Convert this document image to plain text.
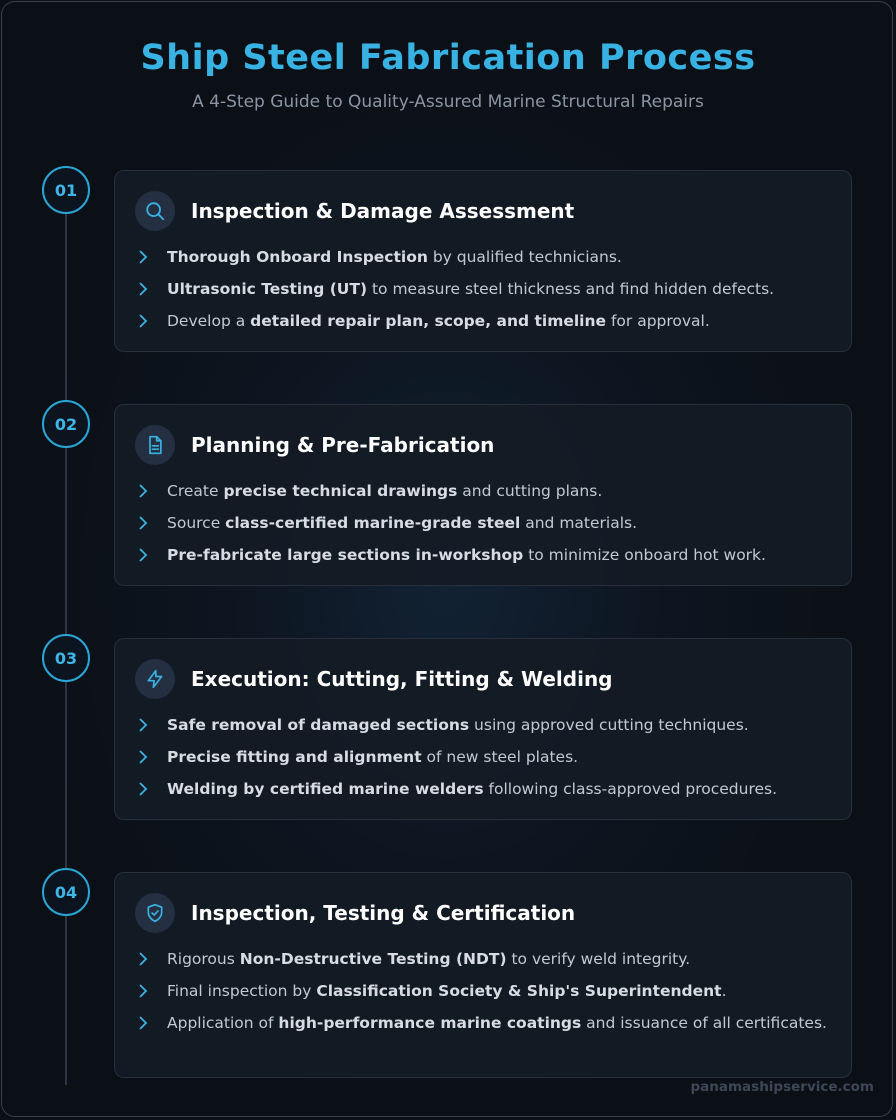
Ship Steel Fabrication Process
A 4-Step Guide to Quality-Assured Marine Structural Repairs
01
Inspection & Damage Assessment
Thorough Onboard Inspection by qualified technicians.
Ultrasonic Testing (UT) to measure steel thickness and find hidden defects.
Develop a detailed repair plan, scope, and timeline for approval.
02
Planning & Pre-Fabrication
Create precise technical drawings and cutting plans.
Source class-certified marine-grade steel and materials.
Pre-fabricate large sections in-workshop to minimize onboard hot work.
03
Execution: Cutting, Fitting & Welding
Safe removal of damaged sections using approved cutting techniques.
Precise fitting and alignment of new steel plates.
Welding by certified marine welders following class-approved procedures.
04
Inspection, Testing & Certification
Rigorous Non-Destructive Testing (NDT) to verify weld integrity.
Final inspection by Classification Society & Ship's Superintendent.
Application of high-performance marine coatings and issuance of all certificates.
panamashipservice.com
